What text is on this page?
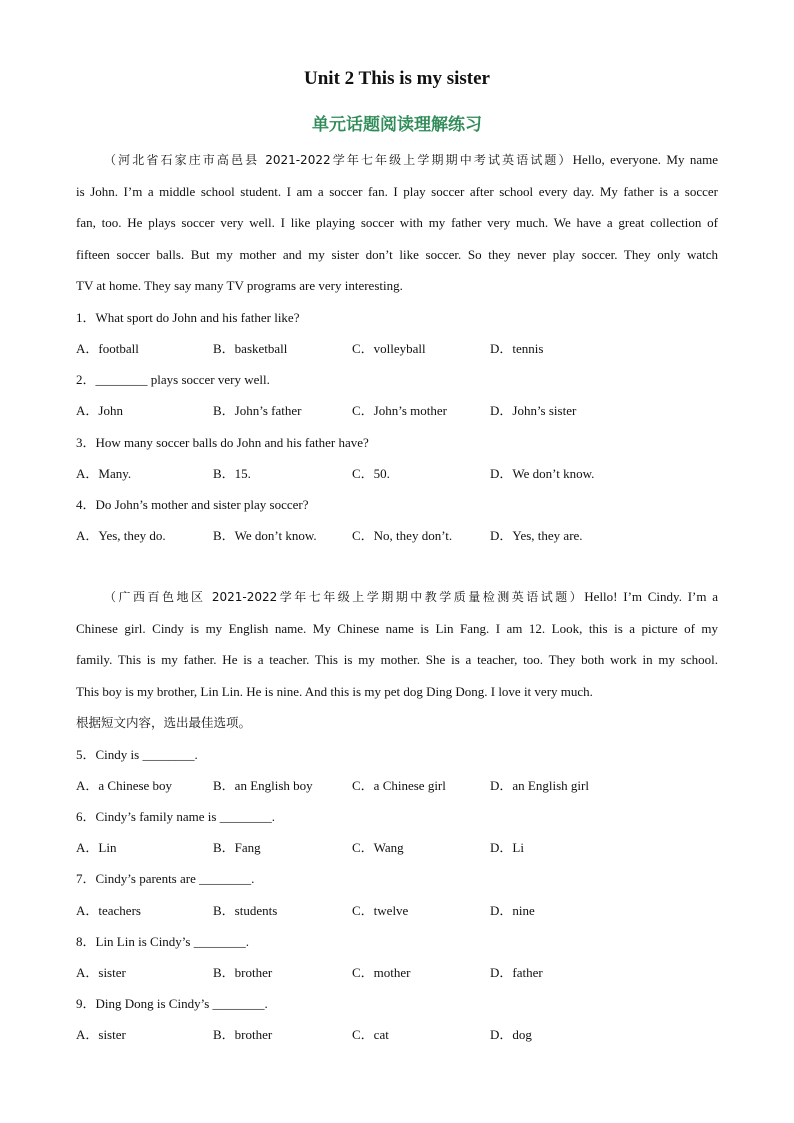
Unit 2 This is my sister
单元话题阅读理解练习
（河北省石家庄市高邑县 2021-2022学年七年级上学期期中考试英语试题）Hello, everyone. My name
is John. I’m a middle school student. I am a soccer fan. I play soccer after school every day. My father is a soccer
fan, too. He plays soccer very well. I like playing soccer with my father very much. We have a great collection of
fifteen soccer balls. But my mother and my sister don’t like soccer. So they never play soccer. They only watch
TV at home. They say many TV programs are very interesting.
1．What sport do John and his father like?
A．football	B．basketball	C．volleyball	D．tennis
2．________ plays soccer very well.
A．John	B．John’s father	C．John’s mother	D．John’s sister
3．How many soccer balls do John and his father have?
A．Many.	B．15.	C．50.	D．We don’t know.
4．Do John’s mother and sister play soccer?
A．Yes, they do.	B．We don’t know.	C．No, they don’t.	D．Yes, they are.
（广西百色地区 2021-2022学年七年级上学期期中教学质量检测英语试题）Hello! I’m Cindy. I’m a
Chinese girl. Cindy is my English name. My Chinese name is Lin Fang. I am 12. Look, this is a picture of my
family. This is my father. He is a teacher. This is my mother. She is a teacher, too. They both work in my school.
This boy is my brother, Lin Lin. He is nine. And this is my pet dog Ding Dong. I love it very much.
根据短文内容，选出最佳选项。
5．Cindy is ________.
A．a Chinese boy	B．an English boy	C．a Chinese girl	D．an English girl
6．Cindy’s family name is ________.
A．Lin	B．Fang	C．Wang	D．Li
7．Cindy’s parents are ________.
A．teachers	B．students	C．twelve	D．nine
8．Lin Lin is Cindy’s ________.
A．sister	B．brother	C．mother	D．father
9．Ding Dong is Cindy’s ________.
A．sister	B．brother	C．cat	D．dog
